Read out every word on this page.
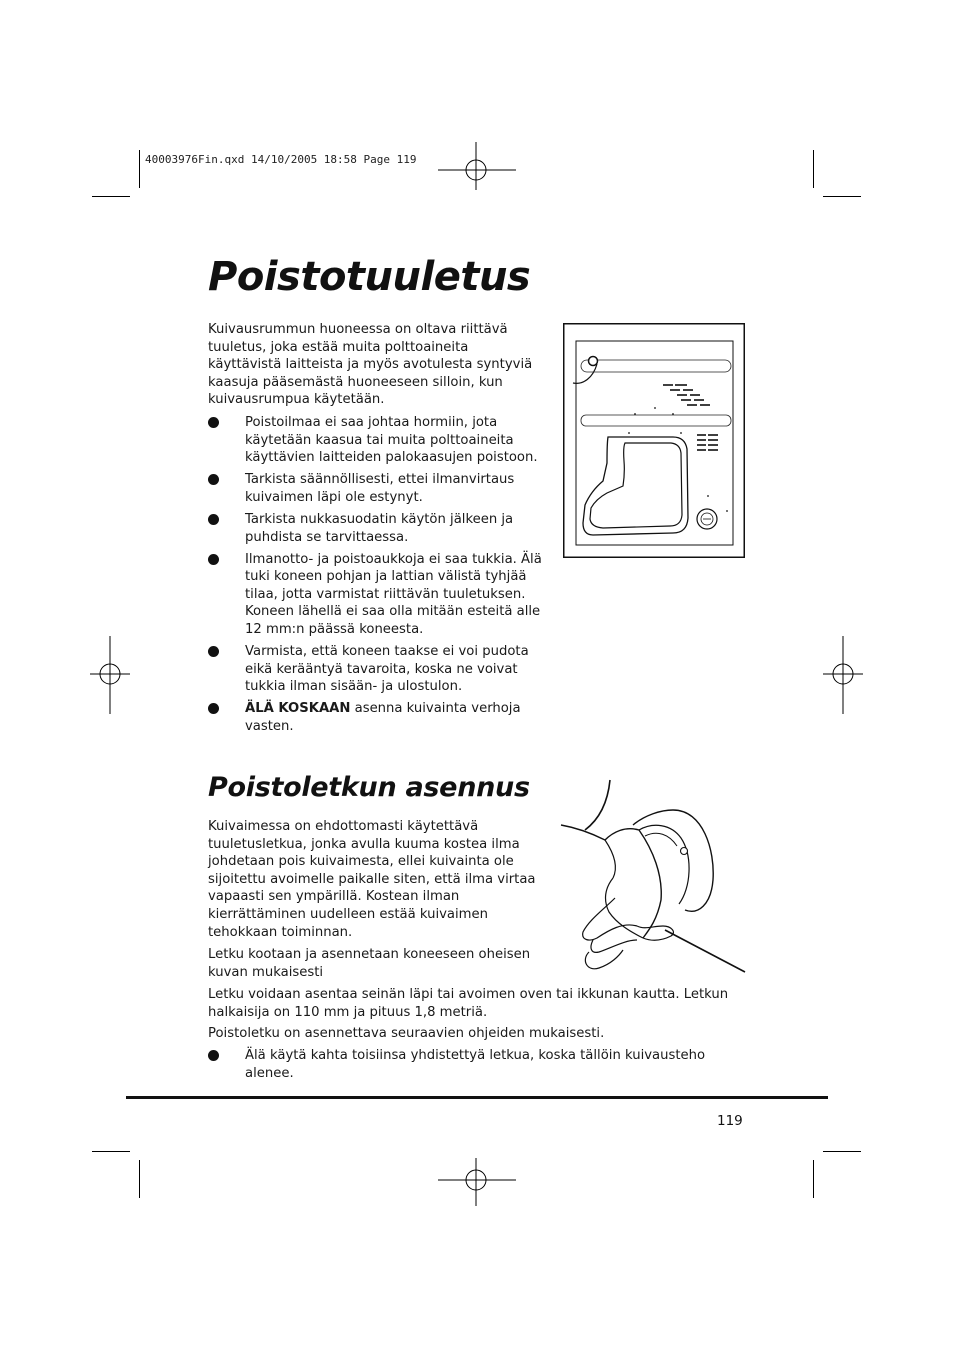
40003976Fin.qxd 14/10/2005 18:58 Page 119
Poistotuuletus

Kuivausrummun huoneessa on oltava riittävä tuuletus, joka estää muita polttoaineita käyttävistä laitteista ja myös avotulesta syntyviä kaasuja pääsemästä huoneeseen silloin, kun kuivausrumpua käytetään.

Poistoilmaa ei saa johtaa hormiin, jota käytetään kaasua tai muita polttoaineita käyttävien laitteiden palokaasujen poistoon.
Tarkista säännöllisesti, ettei ilmanvirtaus kuivaimen läpi ole estynyt.
Tarkista nukkasuodatin käytön jälkeen ja puhdista se tarvittaessa.
Ilmanotto- ja poistoaukkoja ei saa tukkia. Älä tuki koneen pohjan ja lattian välistä tyhjää tilaa, jotta varmistat riittävän tuuletuksen. Koneen lähellä ei saa olla mitään esteitä alle 12 mm:n päässä koneesta.
Varmista, että koneen taakse ei voi pudota eikä kerääntyä tavaroita, koska ne voivat tukkia ilman sisään- ja ulostulon.
ÄLÄ KOSKAAN asenna kuivainta verhoja vasten.
Poistoletkun asennus

Kuivaimessa on ehdottomasti käytettävä tuuletusletkua, jonka avulla kuuma kostea ilma johdetaan pois kuivaimesta, ellei kuivainta ole sijoitettu avoimelle paikalle siten, että ilma virtaa vapaasti sen ympärillä. Kostean ilman kierrättäminen uudelleen estää kuivaimen tehokkaan toiminnan.

Letku kootaan ja asennetaan koneeseen oheisen kuvan mukaisesti

Letku voidaan asentaa seinän läpi tai avoimen oven tai ikkunan kautta. Letkun halkaisija on 110 mm ja pituus 1,8 metriä.

Poistoletku on asennettava seuraavien ohjeiden mukaisesti.

Älä käytä kahta toisiinsa yhdistettyä letkua, koska tällöin kuivausteho alenee.
119
